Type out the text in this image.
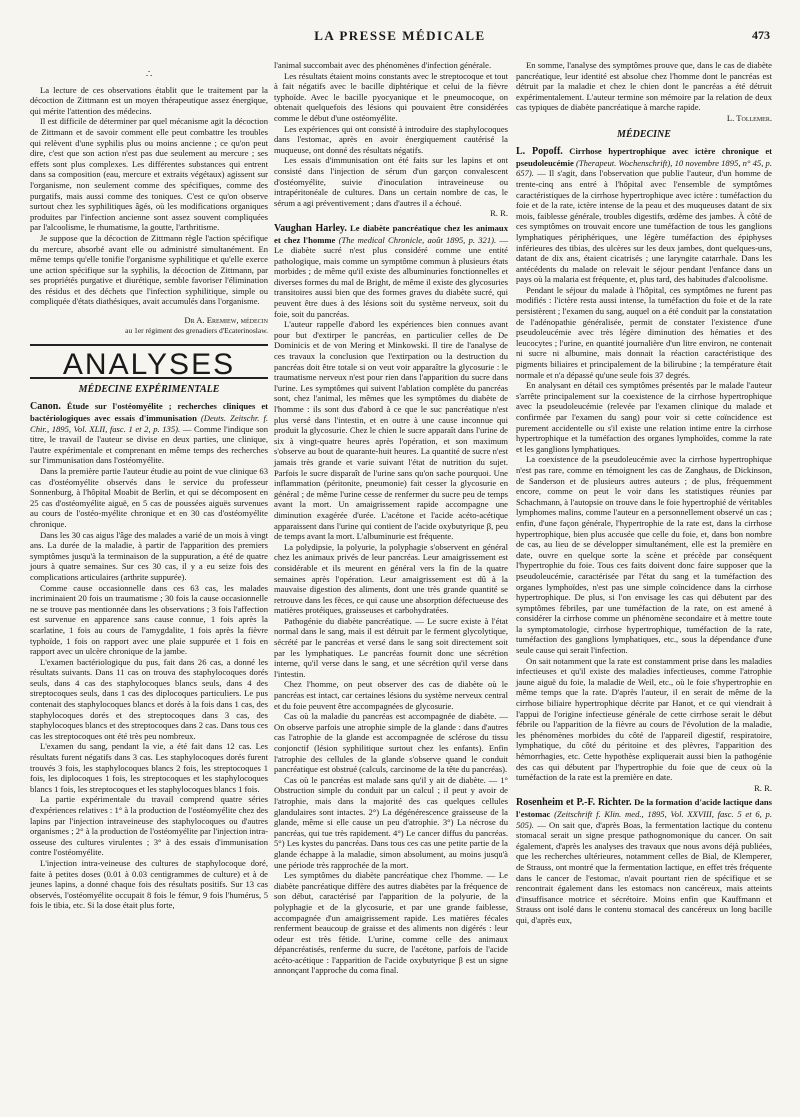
LA PRESSE MÉDICALE	473
∴

La lecture de ces observations établit que le traitement par la décoction de Zittmann est un moyen thérapeutique assez énergique, qui mérite l'attention des médecins.

Il est difficile de déterminer par quel mécanisme agit la décoction de Zittmann et de savoir comment elle peut combattre les troubles qui relèvent d'une syphilis plus ou moins ancienne ; ce qu'on peut dire, c'est que son action n'est pas due seulement au mercure ; ses effets sont plus complexes. Les différentes substances qui entrent dans sa composition (eau, mercure et extraits végétaux) agissent sur l'organisme, non seulement comme des spécifiques, comme des purgatifs, mais aussi comme des toniques. C'est ce qu'on observe surtout chez les syphilitiques âgés, où les modifications organiques produites par l'infection ancienne sont assez souvent compliquées par l'alcoolisme, le rhumatisme, la goutte, l'arthritisme.

Je suppose que la décoction de Zittmann règle l'action spécifique du mercure, absorbé avant elle ou administré simultanément. En même temps qu'elle tonifie l'organisme syphilitique et qu'elle exerce une action spécifique sur la syphilis, la décoction de Zittmann, par ses propriétés purgative et diurétique, semble favoriser l'élimination des résidus et des déchets que l'infection syphilitique, simple ou compliquée d'états diathésiques, avait accumulés dans l'organisme.

Dr A. Eremiew, médecin

au 1er régiment des grenadiers d'Ecaterinoslaw.

ANALYSES
MÉDECINE EXPÉRIMENTALE

Canon. Étude sur l'ostéomyélite ; recherches cliniques et bactériologiques avec essais d'immunisation (Deuts. Zeitschr. f. Chir., 1895, Vol. XLII, fasc. 1 et 2, p. 135). — Comme l'indique son titre, le travail de l'auteur se divise en deux parties, une clinique, l'autre expérimentale et comprenant en même temps des recherches sur l'immunisation dans l'ostéomyélite.

Dans la première partie l'auteur étudie au point de vue clinique 63 cas d'ostéomyélite observés dans le service du professeur Sonnenburg, à l'hôpital Moabit de Berlin, et qui se décomposent en 25 cas d'ostéomyélite aiguë, en 5 cas de poussées aiguës survenues au cours de l'ostéo-myélite chronique et en 30 cas d'ostéomyélite chronique.

Dans les 30 cas aigus l'âge des malades a varié de un mois à vingt ans. La durée de la maladie, à partir de l'apparition des premiers symptômes jusqu'à la terminaison de la suppuration, a été de quatre jours à quatre semaines. Sur ces 30 cas, il y a eu seize fois des complications articulaires (arthrite suppurée).

Comme cause occasionnelle dans ces 63 cas, les malades incriminaient 20 fois un traumatisme ; 30 fois la cause occasionnelle ne se trouve pas mentionnée dans les observations ; 3 fois l'affection est survenue en apparence sans cause connue, 1 fois après la scarlatine, 1 fois au cours de l'amygdalite, 1 fois après la fièvre typhoïde, 1 fois on rapport avec une plaie suppurée et 1 fois en rapport avec un ulcère chronique de la jambe.

L'examen bactériologique du pus, fait dans 26 cas, a donné les résultats suivants. Dans 11 cas on trouva des staphylocoques dorés seuls, dans 4 cas des staphylocoques blancs seuls, dans 4 des streptocoques seuls, dans 1 cas des diplocoques particuliers. Le pus contenait des staphylocoques blancs et dorés à la fois dans 1 cas, des staphylocoques dorés et des streptocoques dans 3 cas, des staphylocoques blancs et des streptocoques dans 2 cas. Dans tous ces cas les streptocoques ont été très peu nombreux.

L'examen du sang, pendant la vie, a été fait dans 12 cas. Les résultats furent négatifs dans 3 cas. Les staphylocoques dorés furent trouvés 3 fois, les staphylocoques blancs 2 fois, les streptocoques 1 fois, les diplocoques 1 fois, les streptocoques et les staphylocoques blancs 1 fois, les streptocoques et les staphylocoques blancs 1 fois.

La partie expérimentale du travail comprend quatre séries d'expériences relatives : 1° à la production de l'ostéomyélite chez des lapins par l'injection intraveineuse des staphylocoques ou d'autres organismes ; 2° à la production de l'ostéomyélite par l'injection intra-osseuse des cultures virulentes ; 3° à des essais d'immunisation contre l'ostéomyélite.

L'injection intra-veineuse des cultures de staphylocoque doré, faite à petites doses (0.01 à 0.03 centigrammes de culture) et à de jeunes lapins, a donné chaque fois des résultats positifs. Sur 13 cas observés, l'ostéomyélite occupait 8 fois le fémur, 9 fois l'humérus, 5 fois le tibia, etc. Si la dose était plus forte,

l'animal succombait avec des phénomènes d'infection générale.

Les résultats étaient moins constants avec le streptocoque et tout à fait négatifs avec le bacille diphtérique et celui de la fièvre typhoïde. Avec le bacille pyocyanique et le pneumocoque, on obtenait quelquefois des lésions qui pouvaient être considérées comme le début d'une ostéomyélite.

Les expériences qui ont consisté à introduire des staphylocoques dans l'estomac, après en avoir énergiquement cautérisé la muqueuse, ont donné des résultats négatifs.

Les essais d'immunisation ont été faits sur les lapins et ont consisté dans l'injection de sérum d'un garçon convalescent d'ostéomyélite, suivie d'inoculation intraveineuse ou intrapéritonéale de cultures. Dans un certain nombre de cas, le sérum a agi préventivement ; dans d'autres il a échoué.

R. R.

Vaughan Harley. Le diabète pancréatique chez les animaux et chez l'homme (The medical Chronicle, août 1895, p. 321). — Le diabète sucré n'est plus considéré comme une entité pathologique, mais comme un symptôme commun à plusieurs états morbides ; de même qu'il existe des albuminuries fonctionnelles et diverses formes du mal de Bright, de même il existe des glycosuries transitoires aussi bien que des formes graves du diabète sucré, qui peuvent être dues à des lésions soit du système nerveux, soit du foie, soit du pancréas.

L'auteur rappelle d'abord les expériences bien connues avant pour but d'extirper le pancréas, en particulier celles de De Dominicis et de von Mering et Minkowski. Il tire de l'analyse de ces travaux la conclusion que l'extirpation ou la destruction du pancréas doit être totale si on veut voir apparaître la glycosurie : le traumatisme nerveux n'est pour rien dans l'apparition du sucre dans l'urine. Les symptômes qui suivent l'ablation complète du pancréas sont, chez l'animal, les mêmes que les symptômes du diabète de l'homme : ils sont dus d'abord à ce que le suc pancréatique n'est plus versé dans l'intestin, et en outre à une cause inconnue qui produit la glycosurie. Chez le chien le sucre apparaît dans l'urine de six à vingt-quatre heures après l'opération, et son maximum s'observe au bout de quarante-huit heures. La quantité de sucre n'est jamais très grande et varie suivant l'état de nutrition du sujet. Parfois le sucre disparaît de l'urine sans qu'on sache pourquoi. Une inflammation (péritonite, pneumonie) fait cesser la glycosurie en général ; de même l'urine cesse de renfermer du sucre peu de temps avant la mort. Un amaigrissement rapide accompagne une diminution exagérée d'urée. L'acétone et l'acide acéto-acétique apparaissent dans l'urine qui contient de l'acide oxybutyrique β, peu de temps avant la mort. L'albuminurie est fréquente.

La polydipsie, la polyurie, la polyphagie s'observent en général chez les animaux privés de leur pancréas. Leur amaigrissement est considérable et ils meurent en général vers la fin de la quatre semaines après l'opération. Leur amaigrissement est dû à la mauvaise digestion des aliments, dont une très grande quantité se retrouve dans les fèces, ce qui cause une absorption défectueuse des matières protéiques, graisseuses et carbohydratées.

Pathogénie du diabète pancréatique. — Le sucre existe à l'état normal dans le sang, mais il est détruit par le ferment glycolytique, sécrété par le pancréas et versé dans le sang soit directement soit par les lymphatiques. Le pancréas fournit donc une sécrétion interne, qu'il verse dans le sang, et une sécrétion qu'il verse dans l'intestin.

Chez l'homme, on peut observer des cas de diabète où le pancréas est intact, car certaines lésions du système nerveux central et du foie peuvent être accompagnées de glycosurie.

Cas où la maladie du pancréas est accompagnée de diabète. — On observe parfois une atrophie simple de la glande : dans d'autres cas l'atrophie de la glande est accompagnée de sclérose du tissu conjonctif (lésion syphilitique surtout chez les enfants). Enfin l'atrophie des cellules de la glande s'observe quand le conduit pancréatique est obstrué (calculs, carcinome de la tête du pancréas).

Cas où le pancréas est malade sans qu'il y ait de diabète. — 1° Obstruction simple du conduit par un calcul ; il peut y avoir de l'atrophie, mais dans la majorité des cas quelques cellules glandulaires sont intactes. 2°) La dégénérescence graisseuse de la glande, même si elle cause un peu d'atrophie. 3°) La nécrose du pancréas, qui tue très rapidement. 4°) Le cancer diffus du pancréas. 5°) Les kystes du pancréas. Dans tous ces cas une petite partie de la glande échappe à la maladie, simon absolument, au moins jusqu'à une période très rapprochée de la mort.

Les symptômes du diabète pancréatique chez l'homme. — Le diabète pancréatique diffère des autres diabètes par la fréquence de son début, caractérisé par l'apparition de la polyurie, de la polyphagie et de la glycosurie, et par une grande faiblesse, accompagnée d'un amaigrissement rapide. Les matières fécales renferment beaucoup de graisse et des aliments non digérés : leur odeur est très fétide. L'urine, comme celle des animaux dépancréatisés, renferme du sucre, de l'acétone, parfois de l'acide acéto-acétique : l'apparition de l'acide oxybutyrique β est un signe annonçant l'approche du coma final.

En somme, l'analyse des symptômes prouve que, dans le cas de diabète pancréatique, leur identité est absolue chez l'homme dont le pancréas est détruit par la maladie et chez le chien dont le pancréas a été détruit expérimentalement. L'auteur termine son mémoire par la relation de deux cas typiques de diabète pancréatique à marche rapide.

L. Tollemer.

MÉDECINE

L. Popoff. Cirrhose hypertrophique avec ictère chronique et pseudoleucémie (Therapeut. Wochenschrift), 10 novembre 1895, n° 45, p. 657). — Il s'agit, dans l'observation que publie l'auteur, d'un homme de trente-cinq ans entré à l'hôpital avec l'ensemble de symptômes caractéristiques de la cirrhose hypertrophique avec ictère : tuméfaction du foie et de la rate, ictère intense de la peau et des muqueuses datant de six mois, faiblesse générale, troubles digestifs, œdème des jambes. À côté de ces symptômes on trouvait encore une tuméfaction de tous les ganglions lymphatiques périphériques, une légère tuméfaction des épiphyses inférieures des tibias, des ulcères sur les deux jambes, dont quelques-uns, datant de dix ans, étaient cicatrisés ; une laryngite catarrhale. Dans les antécédents du malade on relevait le séjour pendant l'enfance dans un pays où la malaria est fréquente, et, plus tard, des habitudes d'alcoolisme.

Pendant le séjour du malade à l'hôpital, ces symptômes ne furent pas modifiés : l'ictère resta aussi intense, la tuméfaction du foie et de la rate persistèrent ; l'examen du sang, auquel on a été conduit par la constatation de l'adénopathie généralisée, permit de constater l'existence d'une pseudoleucémie avec très légère diminution des hématies et des leucocytes ; l'urine, en quantité journalière d'un litre environ, ne contenait ni sucre ni albumine, mais donnait la réaction caractéristique des pigments biliaires et principalement de la bilirubine ; la température était normale et n'a dépassé qu'une seule fois 37 degrés.

En analysant en détail ces symptômes présentés par le malade l'auteur s'arrête principalement sur la coexistence de la cirrhose hypertrophique avec la pseudoleucémie (relevée par l'examen clinique du malade et confirmée par l'examen du sang) pour voir si cette coïncidence est purement accidentelle ou s'il existe une relation intime entre la cirrhose hypertrophique et la tuméfaction des organes lymphoïdes, comme la rate et les ganglions lymphatiques.

La coexistence de la pseudoleucémie avec la cirrhose hypertrophique n'est pas rare, comme en témoignent les cas de Zanghaus, de Dickinson, de Sanderson et de plusieurs autres auteurs ; de plus, fréquemment encore, comme on peut le voir dans les statistiques réunies par Schachmann, à l'autopsie on trouve dans le foie hypertrophié de véritables lymphomes malins, comme l'auteur en a personnellement observé un cas ; enfin, d'une façon générale, l'hypertrophie de la rate est, dans la cirrhose hypertrophique, bien plus accusée que celle du foie, et, dans bon nombre de cas, au lieu de se développer simultanément, elle est la première en date, ouvre en quelque sorte la scène et précède par conséquent l'hypertrophie du foie. Tous ces faits doivent donc faire supposer que la pseudoleucémie, caractérisée par l'état du sang et la tuméfaction des organes lymphoïdes, n'est pas une simple coïncidence dans la cirrhose hypertrophique. De plus, si l'on envisage les cas qui débutent par des symptômes fébriles, par une tuméfaction de la rate, on est amené à considérer la cirrhose comme un phénomène secondaire et à mettre toute la symptomatologie, cirrhose hypertrophique, tuméfaction de la rate, tuméfaction des ganglions lymphatiques, etc., sous la dépendance d'une seule cause qui serait l'infection.

On sait notamment que la rate est constamment prise dans les maladies infectieuses et qu'il existe des maladies infectieuses, comme l'atrophie jaune aiguë du foie, la maladie de Weil, etc., où le foie s'hypertrophie en même temps que la rate. D'après l'auteur, il en serait de même de la cirrhose biliaire hypertrophique décrite par Hanot, et ce qui viendrait à l'appui de l'origine infectieuse générale de cette cirrhose serait le début fébrile ou l'apparition de la fièvre au cours de l'évolution de la maladie, les phénomènes morbides du côté de l'appareil digestif, respiratoire, lymphatique, du côté du péritoine et des plèvres, l'apparition des hémorrhagies, etc. Cette hypothèse expliquerait aussi bien la pathogénie des cas qui débutent par l'hypertrophie du foie que de ceux où la tuméfaction de la rate est la première en date.

R. R.

Rosenheim et P.-F. Richter. De la formation d'acide lactique dans l'estomac (Zeitschrift f. Klin. med., 1895, Vol. XXVIII, fasc. 5 et 6, p. 505). — On sait que, d'après Boas, la fermentation lactique du contenu stomacal serait un signe presque pathognomonique du cancer. On sait également, d'après les analyses des travaux que nous avons déjà publiées, que les recherches ultérieures, notamment celles de Bial, de Klemperer, de Strauss, ont montré que la fermentation lactique, en effet très fréquente dans le cancer de l'estomac, n'avait pourtant rien de spécifique et se rencontrait également dans les estomacs non cancéreux, mais atteints d'insuffisance motrice et sécrétoire. Moins enfin que Kauffmann et Strauss ont isolé dans le contenu stomacal des cancéreux un long bacille qui, d'après eux,
